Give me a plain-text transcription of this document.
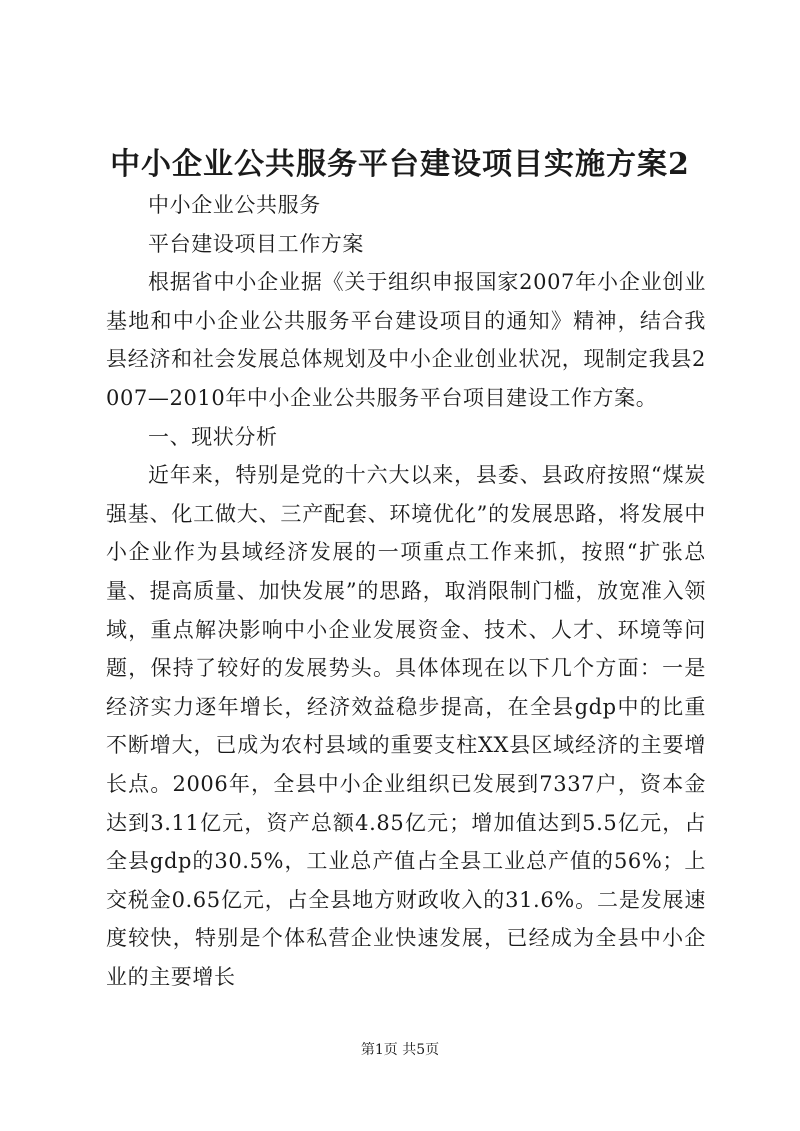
中小企业公共服务平台建设项目实施方案2

中小企业公共服务

平台建设项目工作方案

根据省中小企业据《关于组织申报国家2007年小企业创业基地和中小企业公共服务平台建设项目的通知》精神，结合我县经济和社会发展总体规划及中小企业创业状况，现制定我县2007—2010年中小企业公共服务平台项目建设工作方案。

一、现状分析

近年来，特别是党的十六大以来，县委、县政府按照“煤炭强基、化工做大、三产配套、环境优化”的发展思路，将发展中小企业作为县域经济发展的一项重点工作来抓，按照“扩张总量、提高质量、加快发展”的思路，取消限制门槛，放宽准入领域，重点解决影响中小企业发展资金、技术、人才、环境等问题，保持了较好的发展势头。具体体现在以下几个方面：一是经济实力逐年增长，经济效益稳步提高，在全县gdp中的比重不断增大，已成为农村县域的重要支柱XX县区域经济的主要增长点。2006年，全县中小企业组织已发展到7337户，资本金达到3.11亿元，资产总额4.85亿元；增加值达到5.5亿元，占全县gdp的30.5%，工业总产值占全县工业总产值的56%；上交税金0.65亿元，占全县地方财政收入的31.6%。二是发展速度较快，特别是个体私营企业快速发展，已经成为全县中小企业的主要增长

第1页 共5页
